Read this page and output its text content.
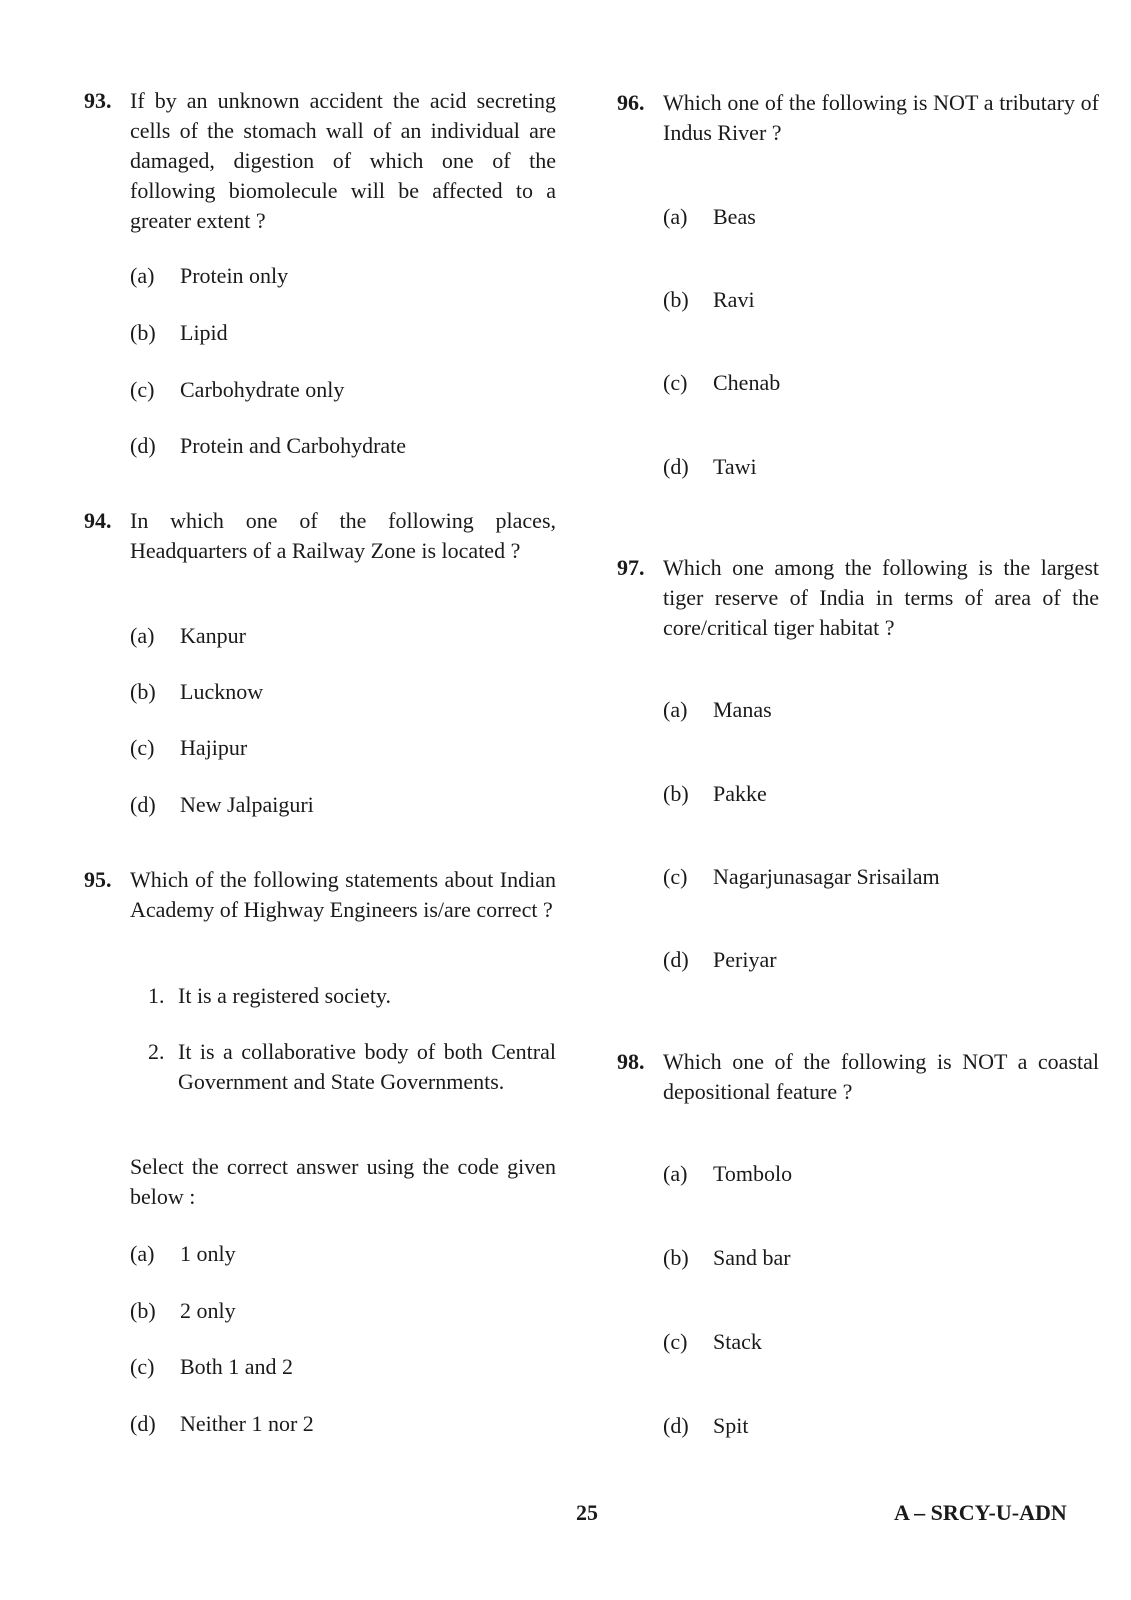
93. If by an unknown accident the acid secreting cells of the stomach wall of an individual are damaged, digestion of which one of the following biomolecule will be affected to a greater extent ?
(a) Protein only
(b) Lipid
(c) Carbohydrate only
(d) Protein and Carbohydrate
94. In which one of the following places, Headquarters of a Railway Zone is located ?
(a) Kanpur
(b) Lucknow
(c) Hajipur
(d) New Jalpaiguri
95. Which of the following statements about Indian Academy of Highway Engineers is/are correct ?
1. It is a registered society.
2. It is a collaborative body of both Central Government and State Governments.
Select the correct answer using the code given below :
(a) 1 only
(b) 2 only
(c) Both 1 and 2
(d) Neither 1 nor 2
96. Which one of the following is NOT a tributary of Indus River ?
(a) Beas
(b) Ravi
(c) Chenab
(d) Tawi
97. Which one among the following is the largest tiger reserve of India in terms of area of the core/critical tiger habitat ?
(a) Manas
(b) Pakke
(c) Nagarjunasagar Srisailam
(d) Periyar
98. Which one of the following is NOT a coastal depositional feature ?
(a) Tombolo
(b) Sand bar
(c) Stack
(d) Spit
25	A – SRCY-U-ADN
